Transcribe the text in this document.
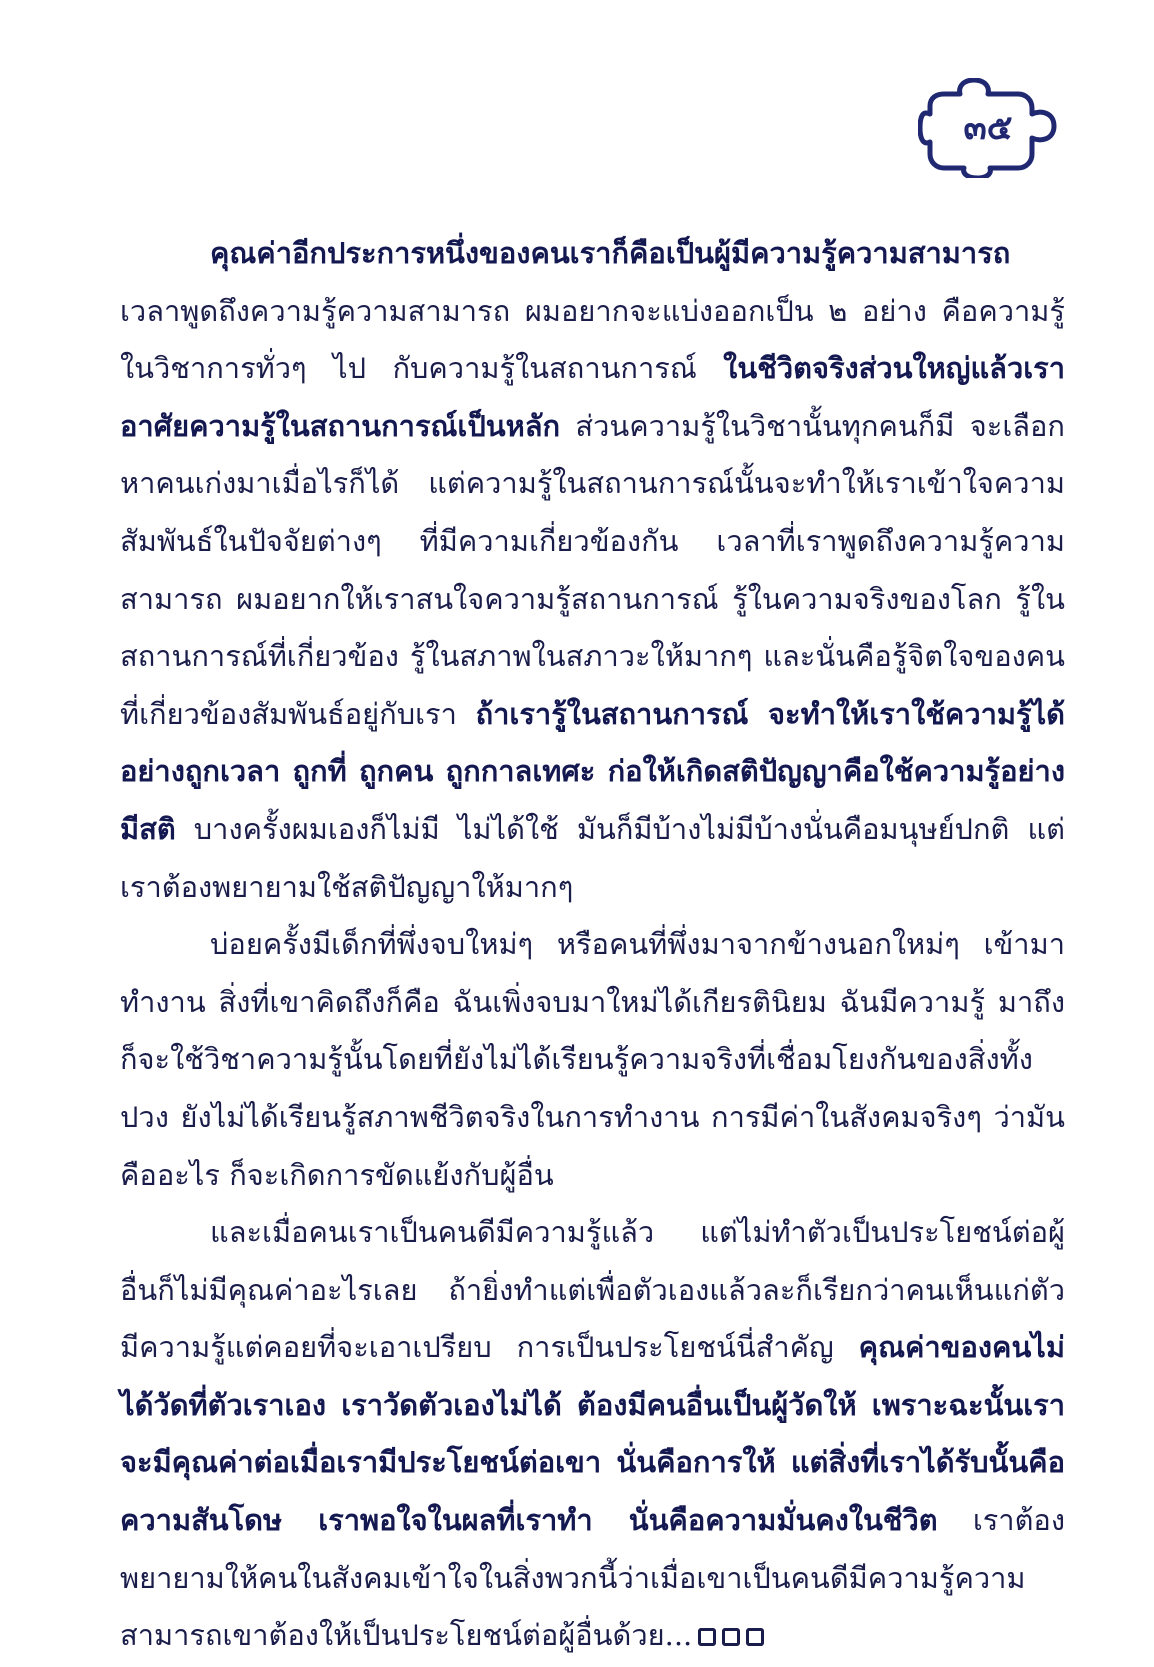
๓๕

คุณค่าอีกประการหนึ่งของคนเราก็คือเป็นผู้มีความรู้ความสามารถ เวลาพูดถึงความรู้ความสามารถ ผมอยากจะแบ่งออกเป็น ๒ อย่าง คือความรู้ในวิชาการทั่วๆ ไป กับความรู้ในสถานการณ์ ในชีวิตจริงส่วนใหญ่แล้วเราอาศัยความรู้ในสถานการณ์เป็นหลัก ส่วนความรู้ในวิชานั้นทุกคนก็มี จะเลือกหาคนเก่งมาเมื่อไรก็ได้ แต่ความรู้ในสถานการณ์นั้นจะทำให้เราเข้าใจความสัมพันธ์ในปัจจัยต่างๆ ที่มีความเกี่ยวข้องกัน เวลาที่เราพูดถึงความรู้ความสามารถ ผมอยากให้เราสนใจความรู้สถานการณ์ รู้ในความจริงของโลก รู้ในสถานการณ์ที่เกี่ยวข้อง รู้ในสภาพในสภาวะให้มากๆ และนั่นคือรู้จิตใจของคนที่เกี่ยวข้องสัมพันธ์อยู่กับเรา ถ้าเรารู้ในสถานการณ์ จะทำให้เราใช้ความรู้ได้อย่างถูกเวลา ถูกที่ ถูกคน ถูกกาลเทศะ ก่อให้เกิดสติปัญญาคือใช้ความรู้อย่างมีสติ บางครั้งผมเองก็ไม่มี ไม่ได้ใช้ มันก็มีบ้างไม่มีบ้างนั่นคือมนุษย์ปกติ แต่เราต้องพยายามใช้สติปัญญาให้มากๆ

บ่อยครั้งมีเด็กที่พึ่งจบใหม่ๆ หรือคนที่พึ่งมาจากข้างนอกใหม่ๆ เข้ามาทำงาน สิ่งที่เขาคิดถึงก็คือ ฉันเพิ่งจบมาใหม่ได้เกียรตินิยม ฉันมีความรู้ มาถึงก็จะใช้วิชาความรู้นั้นโดยที่ยังไม่ได้เรียนรู้ความจริงที่เชื่อมโยงกันของสิ่งทั้งปวง ยังไม่ได้เรียนรู้สภาพชีวิตจริงในการทำงาน การมีค่าในสังคมจริงๆ ว่ามันคืออะไร ก็จะเกิดการขัดแย้งกับผู้อื่น

และเมื่อคนเราเป็นคนดีมีความรู้แล้ว แต่ไม่ทำตัวเป็นประโยชน์ต่อผู้อื่นก็ไม่มีคุณค่าอะไรเลย ถ้ายิ่งทำแต่เพื่อตัวเองแล้วละก็เรียกว่าคนเห็นแก่ตัว มีความรู้แต่คอยที่จะเอาเปรียบ การเป็นประโยชน์นี่สำคัญ คุณค่าของคนไม่ได้วัดที่ตัวเราเอง เราวัดตัวเองไม่ได้ ต้องมีคนอื่นเป็นผู้วัดให้ เพราะฉะนั้นเราจะมีคุณค่าต่อเมื่อเรามีประโยชน์ต่อเขา นั่นคือการให้ แต่สิ่งที่เราได้รับนั้นคือความสันโดษ เราพอใจในผลที่เราทำ นั่นคือความมั่นคงในชีวิต เราต้องพยายามให้คนในสังคมเข้าใจในสิ่งพวกนี้ว่าเมื่อเขาเป็นคนดีมีความรู้ความสามารถเขาต้องให้เป็นประโยชน์ต่อผู้อื่นด้วย...
